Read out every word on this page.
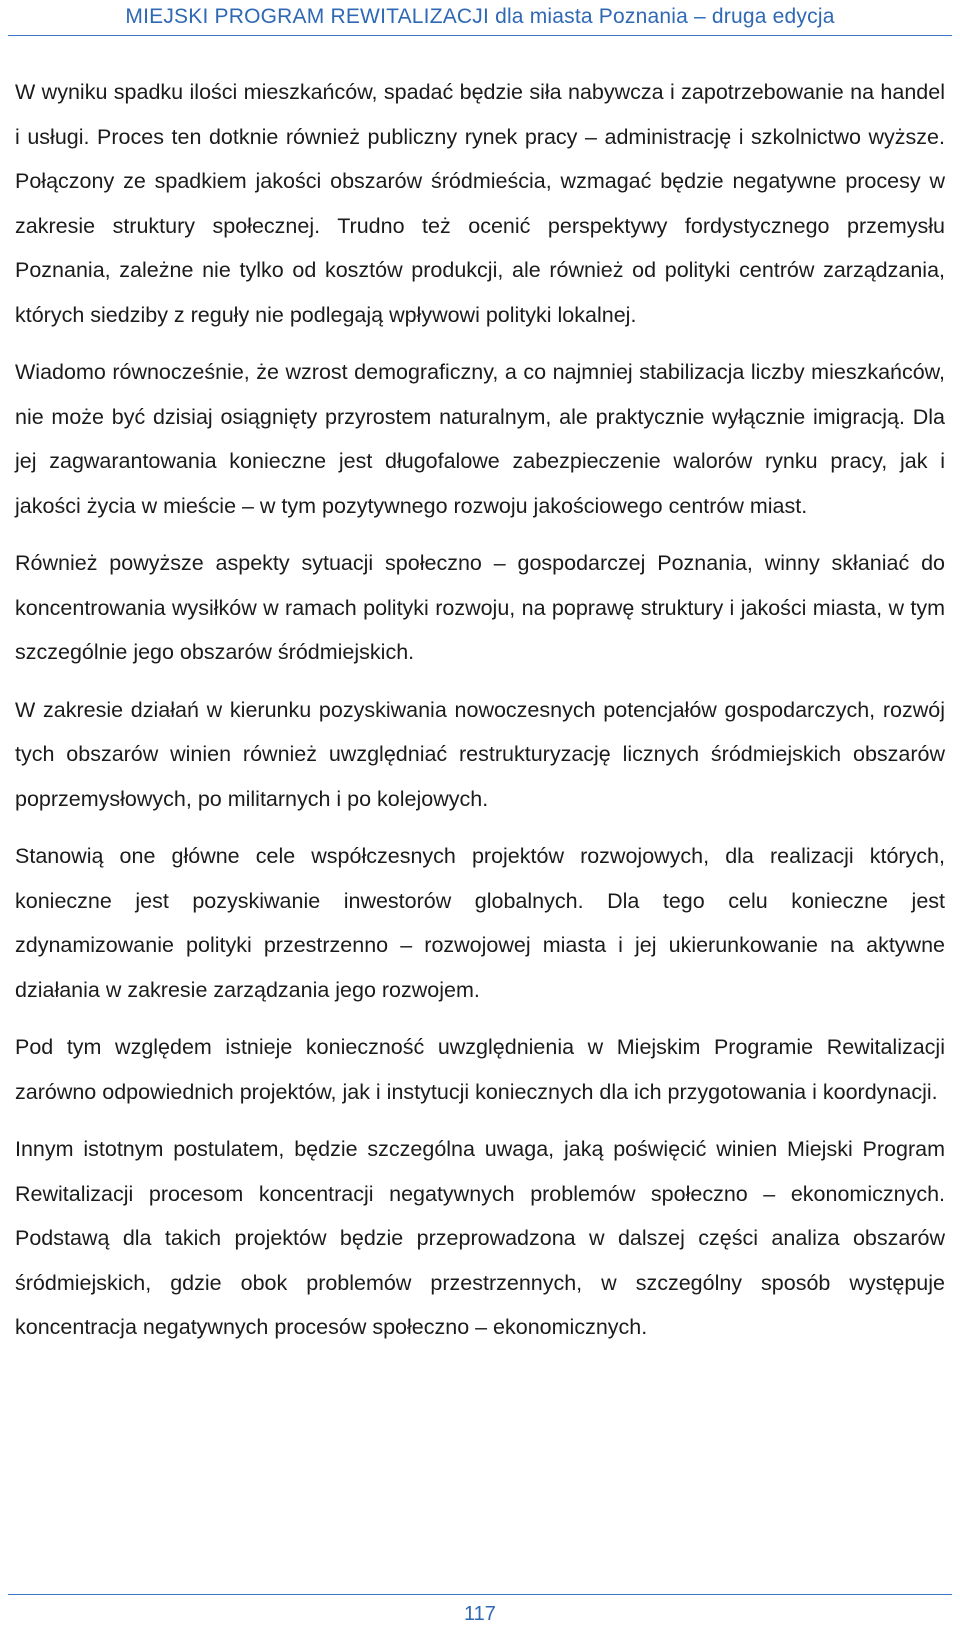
MIEJSKI PROGRAM REWITALIZACJI dla miasta Poznania – druga edycja

W wyniku spadku ilości mieszkańców, spadać będzie siła nabywcza i zapotrzebowanie na handel i usługi. Proces ten dotknie również publiczny rynek pracy – administrację i szkolnictwo wyższe. Połączony ze spadkiem jakości obszarów śródmieścia, wzmagać będzie negatywne procesy w zakresie struktury społecznej. Trudno też ocenić perspektywy fordystycznego przemysłu Poznania, zależne nie tylko od kosztów produkcji, ale również od polityki centrów zarządzania, których siedziby z reguły nie podlegają wpływowi polityki lokalnej.

Wiadomo równocześnie, że wzrost demograficzny, a co najmniej stabilizacja liczby mieszkańców, nie może być dzisiaj osiągnięty przyrostem naturalnym, ale praktycznie wyłącznie imigracją. Dla jej zagwarantowania konieczne jest długofalowe zabezpieczenie walorów rynku pracy, jak i jakości życia w mieście – w tym pozytywnego rozwoju jakościowego centrów miast.

Również powyższe aspekty sytuacji społeczno – gospodarczej Poznania, winny skłaniać do koncentrowania wysiłków w ramach polityki rozwoju, na poprawę struktury i jakości miasta, w tym szczególnie jego obszarów śródmiejskich.

W zakresie działań w kierunku pozyskiwania nowoczesnych potencjałów gospodarczych, rozwój tych obszarów winien również uwzględniać restrukturyzację licznych śródmiejskich obszarów poprzemysłowych, po militarnych i po kolejowych.

Stanowią one główne cele współczesnych projektów rozwojowych, dla realizacji których, konieczne jest pozyskiwanie inwestorów globalnych. Dla tego celu konieczne jest zdynamizowanie polityki przestrzenno – rozwojowej miasta i jej ukierunkowanie na aktywne działania w zakresie zarządzania jego rozwojem.

Pod tym względem istnieje konieczność uwzględnienia w Miejskim Programie Rewitalizacji zarówno odpowiednich projektów, jak i instytucji koniecznych dla ich przygotowania i koordynacji.

Innym istotnym postulatem, będzie szczególna uwaga, jaką poświęcić winien Miejski Program Rewitalizacji procesom koncentracji negatywnych problemów społeczno – ekonomicznych. Podstawą dla takich projektów będzie przeprowadzona w dalszej części analiza obszarów śródmiejskich, gdzie obok problemów przestrzennych, w szczególny sposób występuje koncentracja negatywnych procesów społeczno – ekonomicznych.

117
